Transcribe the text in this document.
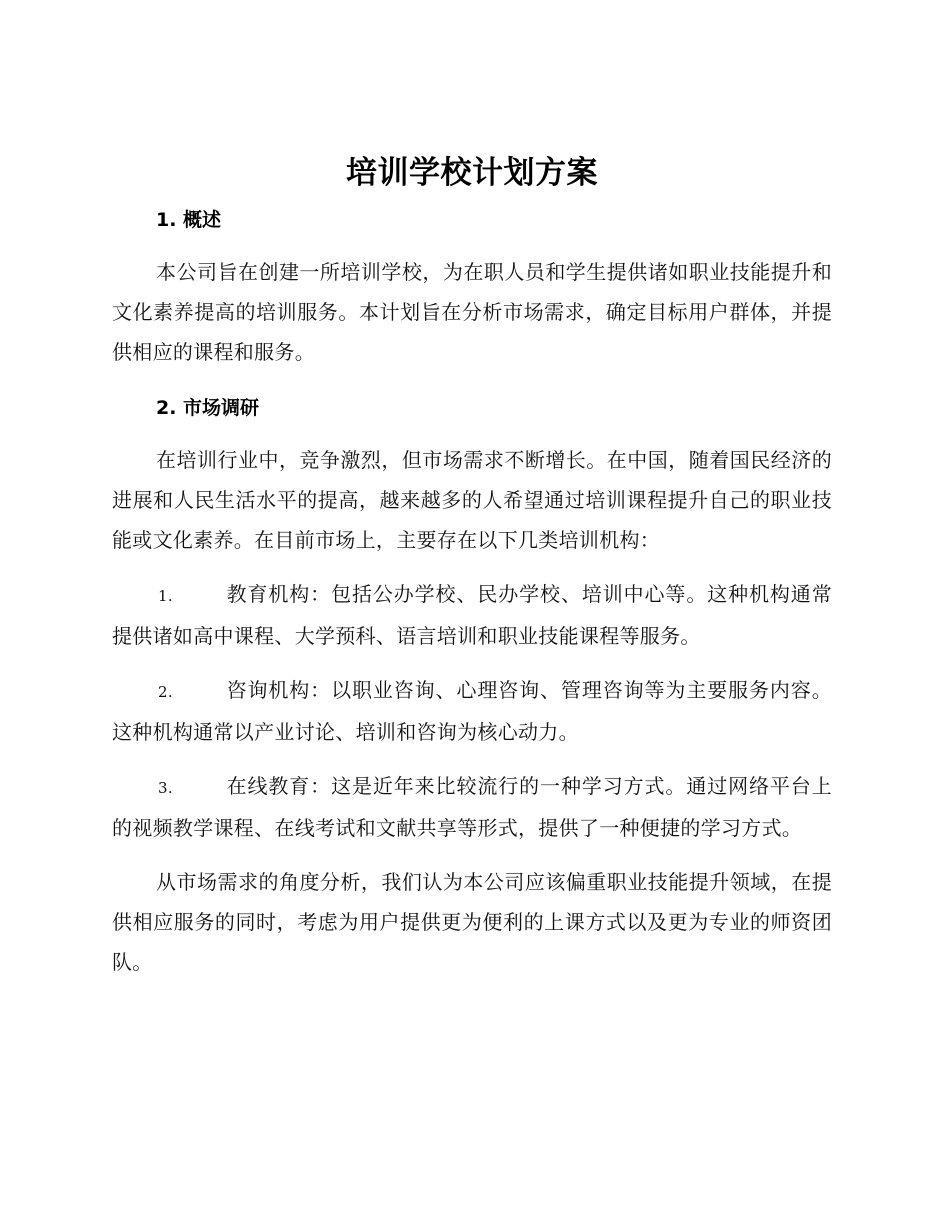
培训学校计划方案
1. 概述

本公司旨在创建一所培训学校，为在职人员和学生提供诸如职业技能提升和文化素养提高的培训服务。本计划旨在分析市场需求，确定目标用户群体，并提供相应的课程和服务。

2. 市场调研

在培训行业中，竞争激烈，但市场需求不断增长。在中国，随着国民经济的进展和人民生活水平的提高，越来越多的人希望通过培训课程提升自己的职业技能或文化素养。在目前市场上，主要存在以下几类培训机构：

1.	教育机构：包括公办学校、民办学校、培训中心等。这种机构通常提供诸如高中课程、大学预科、语言培训和职业技能课程等服务。

2.	咨询机构：以职业咨询、心理咨询、管理咨询等为主要服务内容。这种机构通常以产业讨论、培训和咨询为核心动力。

3.	在线教育：这是近年来比较流行的一种学习方式。通过网络平台上的视频教学课程、在线考试和文献共享等形式，提供了一种便捷的学习方式。

从市场需求的角度分析，我们认为本公司应该偏重职业技能提升领域，在提供相应服务的同时，考虑为用户提供更为便利的上课方式以及更为专业的师资团队。
